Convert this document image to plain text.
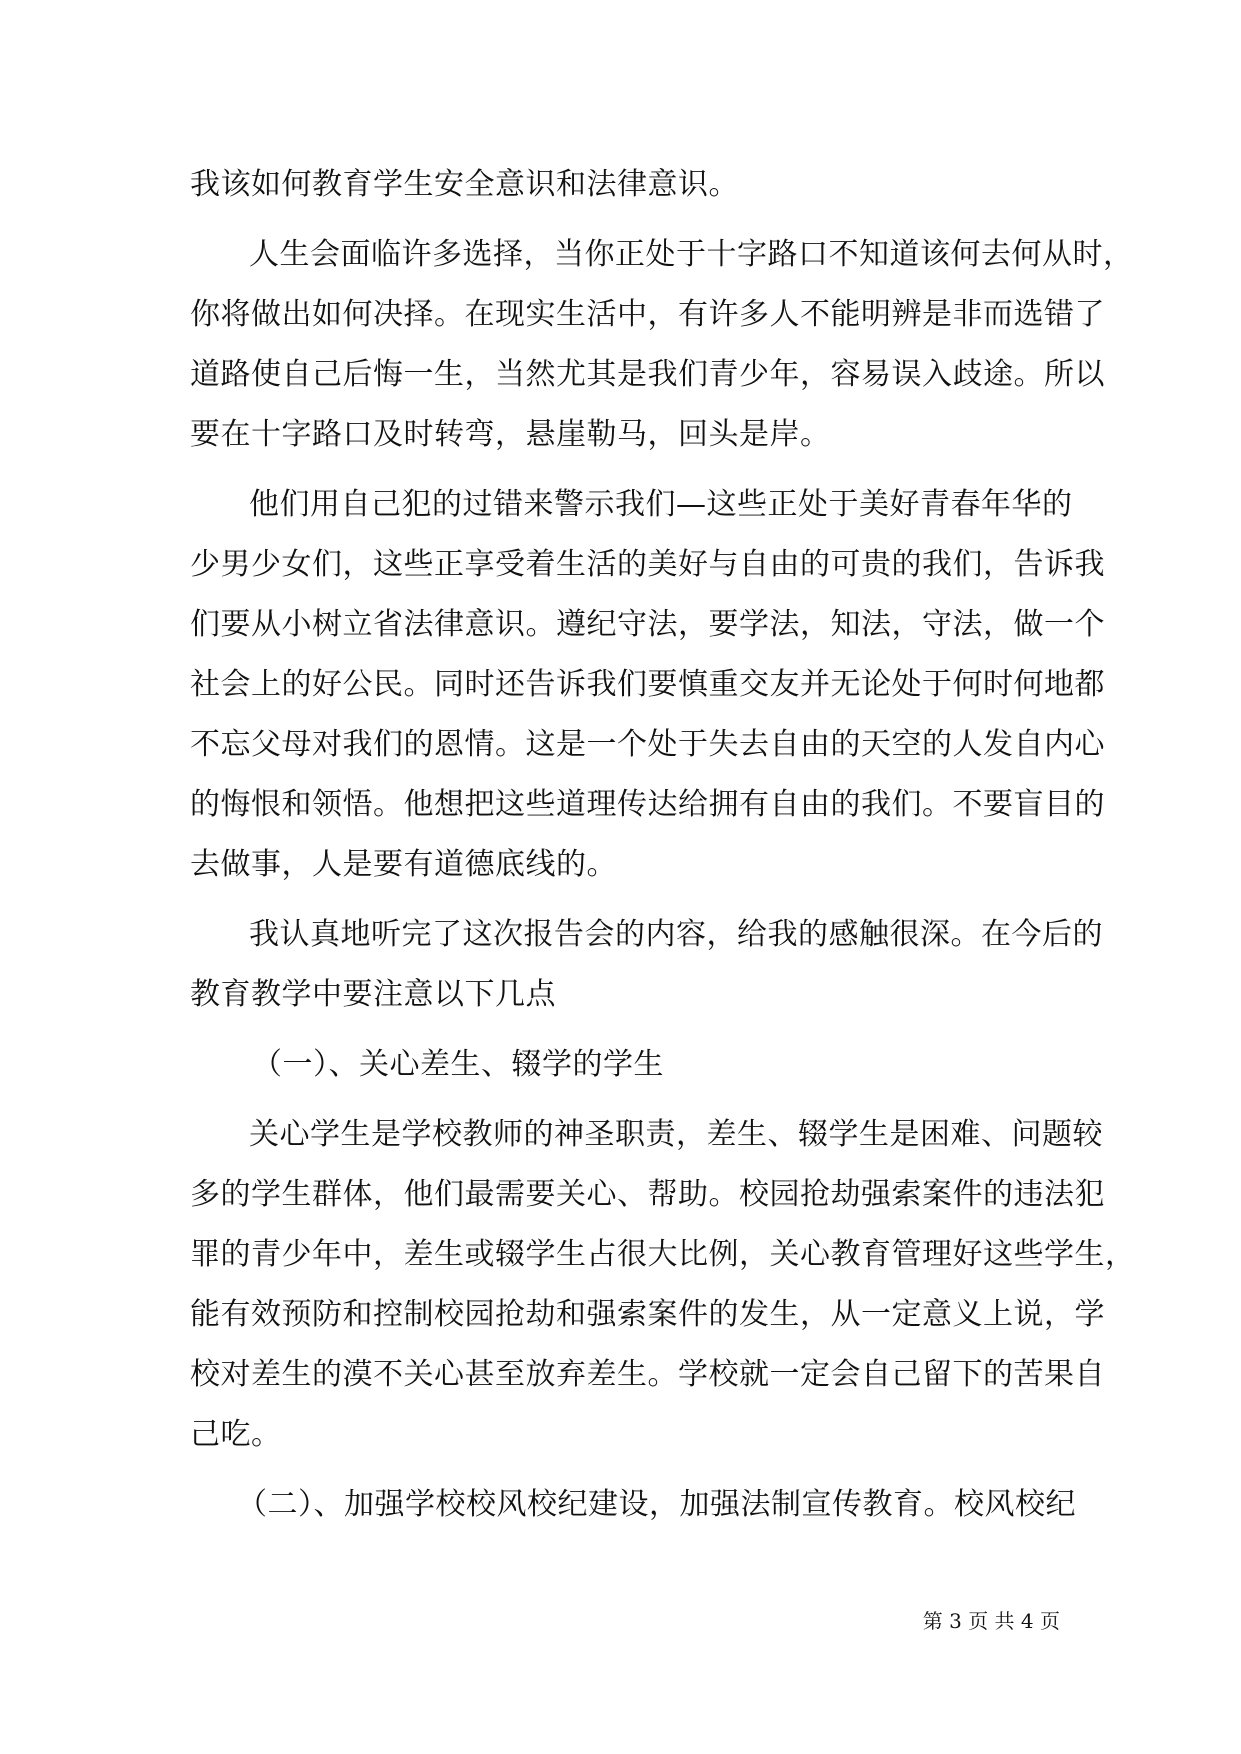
我该如何教育学生安全意识和法律意识。
人生会面临许多选择，当你正处于十字路口不知道该何去何从时，
你将做出如何决择。在现实生活中，有许多人不能明辨是非而选错了
道路使自己后悔一生，当然尤其是我们青少年，容易误入歧途。所以
要在十字路口及时转弯，悬崖勒马，回头是岸。
他们用自己犯的过错来警示我们—这些正处于美好青春年华的
少男少女们，这些正享受着生活的美好与自由的可贵的我们，告诉我
们要从小树立省法律意识。遵纪守法，要学法，知法，守法，做一个
社会上的好公民。同时还告诉我们要慎重交友并无论处于何时何地都
不忘父母对我们的恩情。这是一个处于失去自由的天空的人发自内心
的悔恨和领悟。他想把这些道理传达给拥有自由的我们。不要盲目的
去做事，人是要有道德底线的。
我认真地听完了这次报告会的内容，给我的感触很深。在今后的
教育教学中要注意以下几点
（一）、关心差生、辍学的学生
关心学生是学校教师的神圣职责，差生、辍学生是困难、问题较
多的学生群体，他们最需要关心、帮助。校园抢劫强索案件的违法犯
罪的青少年中，差生或辍学生占很大比例，关心教育管理好这些学生，
能有效预防和控制校园抢劫和强索案件的发生，从一定意义上说，学
校对差生的漠不关心甚至放弃差生。学校就一定会自己留下的苦果自
己吃。
（二）、加强学校校风校纪建设，加强法制宣传教育。校风校纪
第 3 页 共 4 页
